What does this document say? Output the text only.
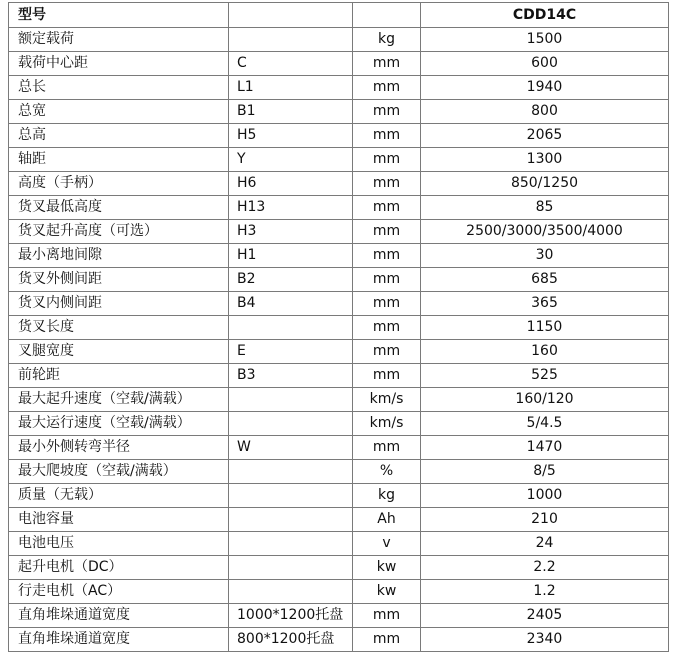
型号			CDD14C
额定载荷		kg	1500
载荷中心距	C	mm	600
总长	L1	mm	1940
总宽	B1	mm	800
总高	H5	mm	2065
轴距	Y	mm	1300
高度（手柄）	H6	mm	850/1250
货叉最低高度	H13	mm	85
货叉起升高度（可选）	H3	mm	2500/3000/3500/4000
最小离地间隙	H1	mm	30
货叉外侧间距	B2	mm	685
货叉内侧间距	B4	mm	365
货叉长度		mm	1150
叉腿宽度	E	mm	160
前轮距	B3	mm	525
最大起升速度（空载/满载）		km/s	160/120
最大运行速度（空载/满载）		km/s	5/4.5
最小外侧转弯半径	W	mm	1470
最大爬坡度（空载/满载）		%	8/5
质量（无载）		kg	1000
电池容量		Ah	210
电池电压		v	24
起升电机（DC）		kw	2.2
行走电机（AC）		kw	1.2
直角堆垛通道宽度	1000*1200托盘	mm	2405
直角堆垛通道宽度	800*1200托盘	mm	2340
